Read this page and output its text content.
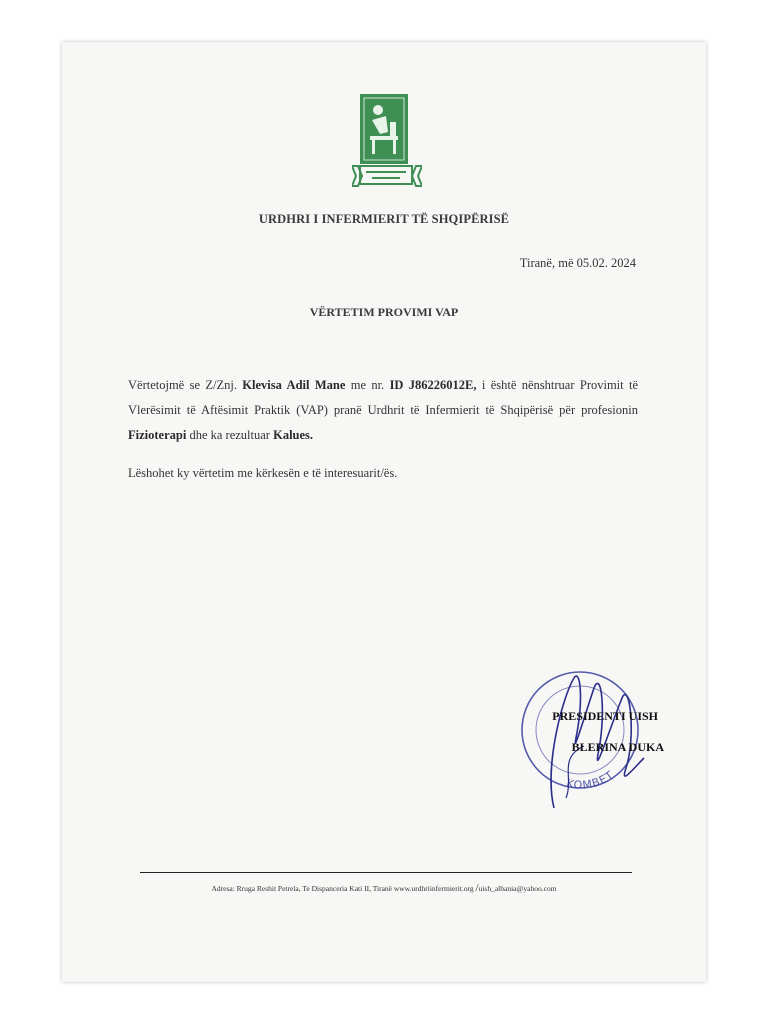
URDHRI I INFERMIERIT TË SHQIPËRISË
Tiranë, më 05.02. 2024
VËRTETIM PROVIMI VAP
Vërtetojmë se Z/Znj. Klevisa Adil Mane me nr. ID J86226012E, i është nënshtruar Provimit të Vlerësimit të Aftësimit Praktik (VAP) pranë Urdhrit të Infermierit të Shqipërisë për profesionin Fizioterapi dhe ka rezultuar Kalues.
Lëshohet ky vërtetim me kërkesën e të interesuarit/ës.
KOMBET
PRESIDENTI UISH
BLERINA DUKA
Adresa: Rruga Reshit Petrela, Te Dispanceria Kati II, Tiranë www.urdhriinfermierit.org /uish_albania@yahoo.com
